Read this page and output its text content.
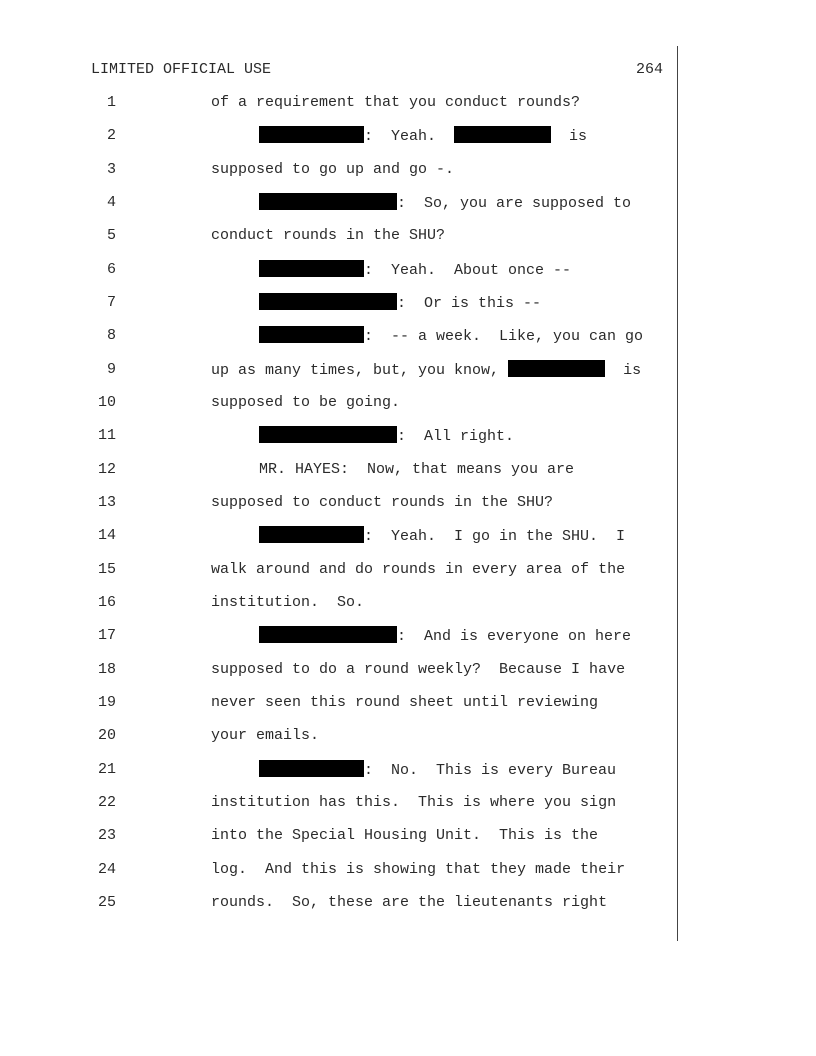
LIMITED OFFICIAL USE	264
1	of a requirement that you conduct rounds?
2	:  Yeah.	is
3	supposed to go up and go -.
4	:  So, you are supposed to
5	conduct rounds in the SHU?
6	:  Yeah.  About once --
7	:  Or is this --
8	:  -- a week.  Like, you can go
9	up as many times, but, you know,	is
10	supposed to be going.
11	:  All right.
12	MR. HAYES:  Now, that means you are
13	supposed to conduct rounds in the SHU?
14	:  Yeah.  I go in the SHU.  I
15	walk around and do rounds in every area of the
16	institution.  So.
17	:  And is everyone on here
18	supposed to do a round weekly?  Because I have
19	never seen this round sheet until reviewing
20	your emails.
21	:  No.  This is every Bureau
22	institution has this.  This is where you sign
23	into the Special Housing Unit.  This is the
24	log.  And this is showing that they made their
25	rounds.  So, these are the lieutenants right
